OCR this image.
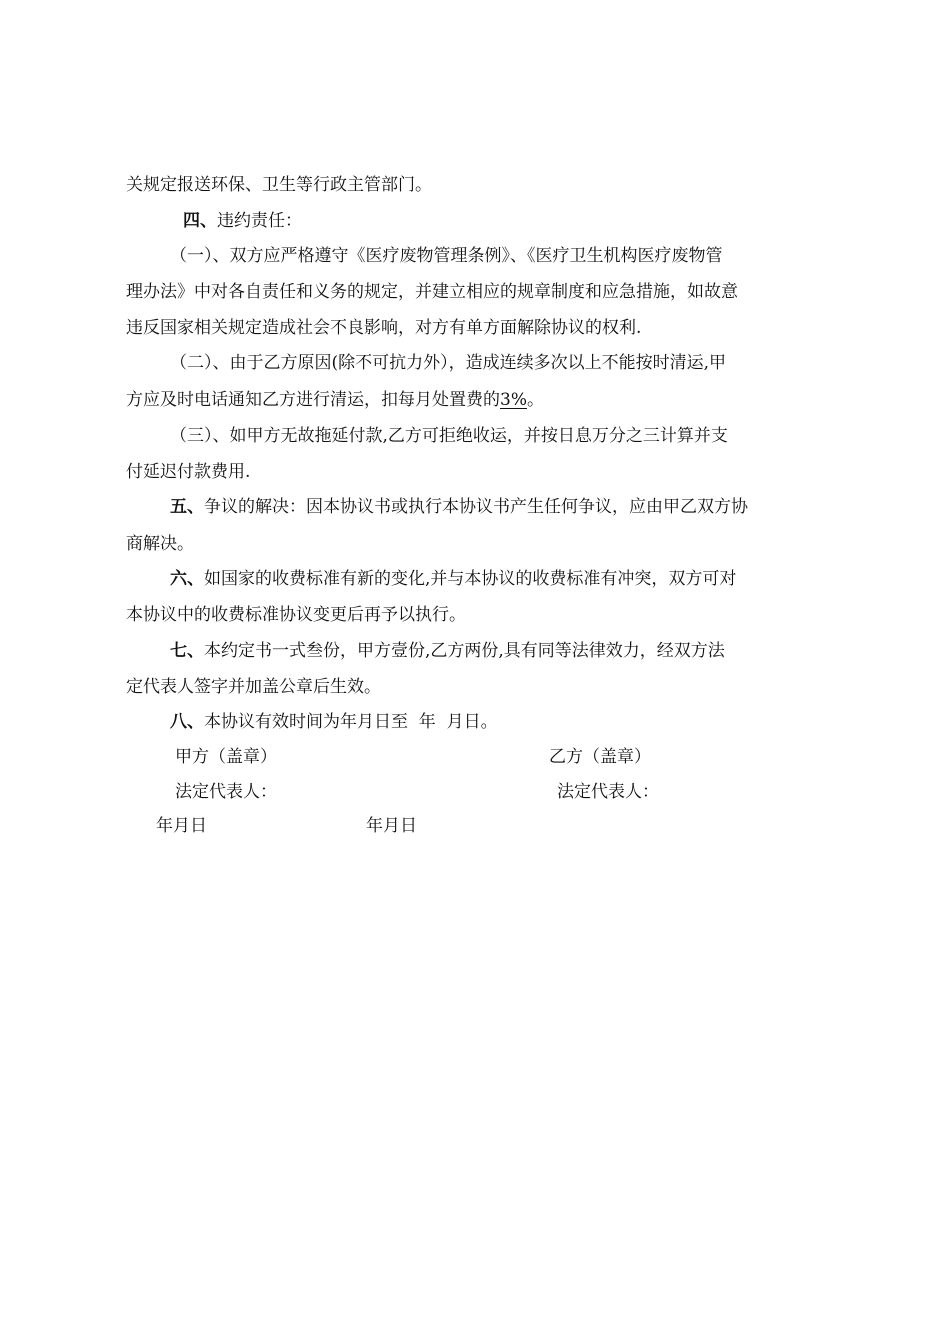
关规定报送环保、卫生等行政主管部门。
四、违约责任：
（一）、双方应严格遵守《医疗废物管理条例》、《医疗卫生机构医疗废物管
理办法》中对各自责任和义务的规定，并建立相应的规章制度和应急措施，如故意
违反国家相关规定造成社会不良影响，对方有单方面解除协议的权利.
（二）、由于乙方原因(除不可抗力外），造成连续多次以上不能按时清运,甲
方应及时电话通知乙方进行清运，扣每月处置费的3%。
（三）、如甲方无故拖延付款,乙方可拒绝收运，并按日息万分之三计算并支
付延迟付款费用.
五、争议的解决：因本协议书或执行本协议书产生任何争议，应由甲乙双方协
商解决。
六、如国家的收费标准有新的变化,并与本协议的收费标准有冲突，双方可对
本协议中的收费标准协议变更后再予以执行。
七、本约定书一式叁份，甲方壹份,乙方两份,具有同等法律效力，经双方法
定代表人签字并加盖公章后生效。
八、本协议有效时间为年月日至  年  月日。
甲方（盖章）	乙方（盖章）
法定代表人：	法定代表人：
年月日	年月日
